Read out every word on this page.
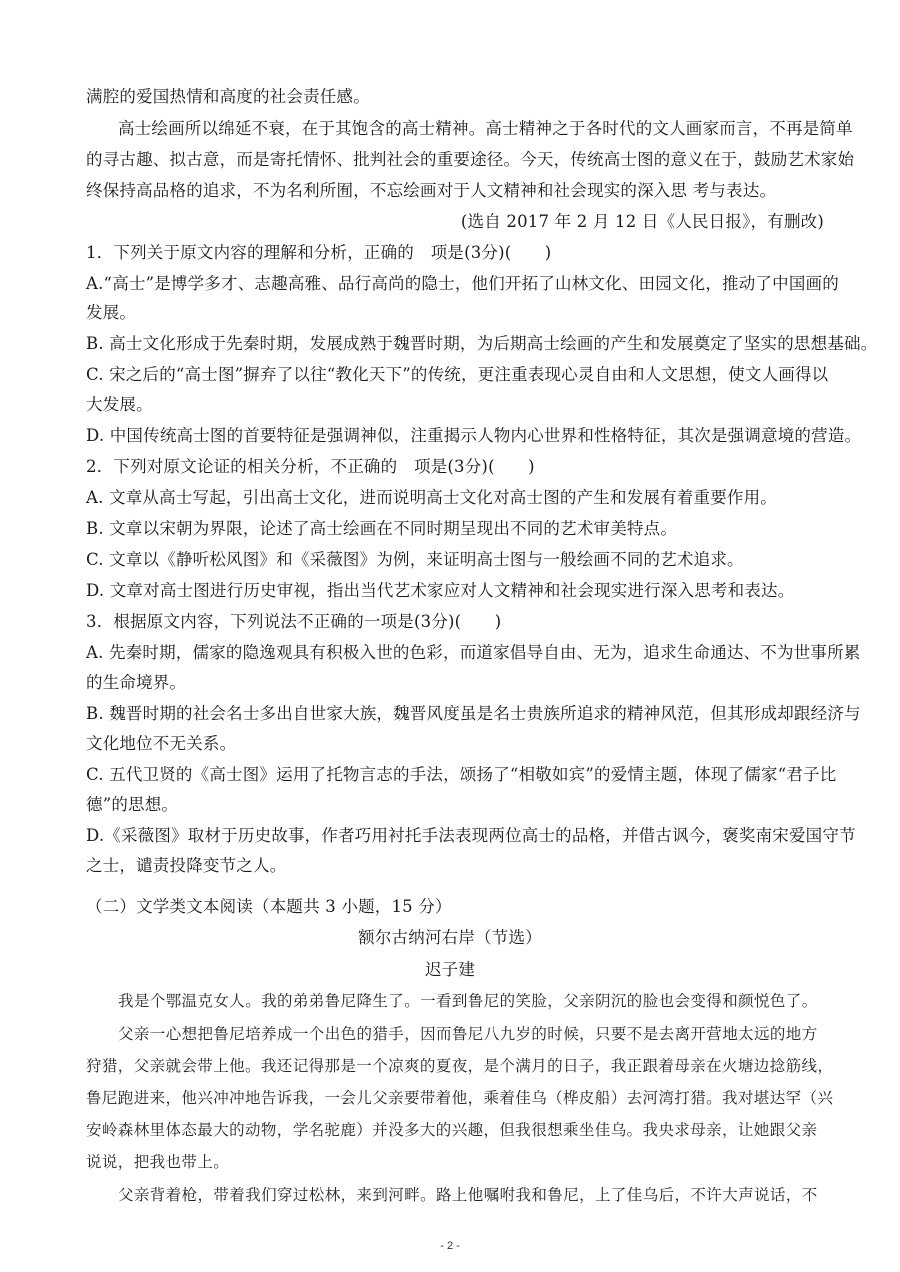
满腔的爱国热情和高度的社会责任感。
高士绘画所以绵延不衰，在于其饱含的高士精神。高士精神之于各时代的文人画家而言，不再是简单
的寻古趣、拟古意，而是寄托情怀、批判社会的重要途径。今天，传统高士图的意义在于，鼓励艺术家始
终保持高品格的追求，不为名利所囿，不忘绘画对于人文精神和社会现实的深入思 考与表达。
(选自 2017 年 2 月 12 日《人民日报》，有删改)
1．下列关于原文内容的理解和分析，正确的　项是(3分)(　　)
A.“高士”是博学多才、志趣高雅、品行高尚的隐士，他们开拓了山林文化、田园文化，推动了中国画的
发展。
B. 高士文化形成于先秦时期，发展成熟于魏晋时期，为后期高士绘画的产生和发展奠定了坚实的思想基础。
C. 宋之后的“高士图”摒弃了以往“教化天下”的传统，更注重表现心灵自由和人文思想，使文人画得以
大发展。
D. 中国传统高士图的首要特征是强调神似，注重揭示人物内心世界和性格特征，其次是强调意境的营造。
2．下列对原文论证的相关分析，不正确的　项是(3分)(　　)
A. 文章从高士写起，引出高士文化，进而说明高士文化对高士图的产生和发展有着重要作用。
B. 文章以宋朝为界限，论述了高士绘画在不同时期呈现出不同的艺术审美特点。
C. 文章以《静听松风图》和《采薇图》为例，来证明高士图与一般绘画不同的艺术追求。
D. 文章对高士图进行历史审视，指出当代艺术家应对人文精神和社会现实进行深入思考和表达。
3．根据原文内容，下列说法不正确的一项是(3分)(　　)
A. 先秦时期，儒家的隐逸观具有积极入世的色彩，而道家倡导自由、无为，追求生命通达、不为世事所累
的生命境界。
B. 魏晋时期的社会名士多出自世家大族，魏晋风度虽是名士贵族所追求的精神风范，但其形成却跟经济与
文化地位不无关系。
C. 五代卫贤的《高士图》运用了托物言志的手法，颂扬了“相敬如宾”的爱情主题，体现了儒家“君子比
德”的思想。
D.《采薇图》取材于历史故事，作者巧用衬托手法表现两位高士的品格，并借古讽今，褒奖南宋爱国守节
之士，谴责投降变节之人。
（二）文学类文本阅读（本题共 3 小题，15 分）
额尔古纳河右岸（节选）
迟子建
我是个鄂温克女人。我的弟弟鲁尼降生了。一看到鲁尼的笑脸，父亲阴沉的脸也会变得和颜悦色了。
父亲一心想把鲁尼培养成一个出色的猎手，因而鲁尼八九岁的时候，只要不是去离开营地太远的地方
狩猎，父亲就会带上他。我还记得那是一个凉爽的夏夜，是个满月的日子，我正跟着母亲在火塘边捻筋线，
鲁尼跑进来，他兴冲冲地告诉我，一会儿父亲要带着他，乘着佳乌（桦皮船）去河湾打猎。我对堪达罕（兴
安岭森林里体态最大的动物，学名驼鹿）并没多大的兴趣，但我很想乘坐佳乌。我央求母亲，让她跟父亲
说说，把我也带上。
父亲背着枪，带着我们穿过松林，来到河畔。路上他嘱咐我和鲁尼，上了佳乌后，不许大声说话，不
- 2 -
